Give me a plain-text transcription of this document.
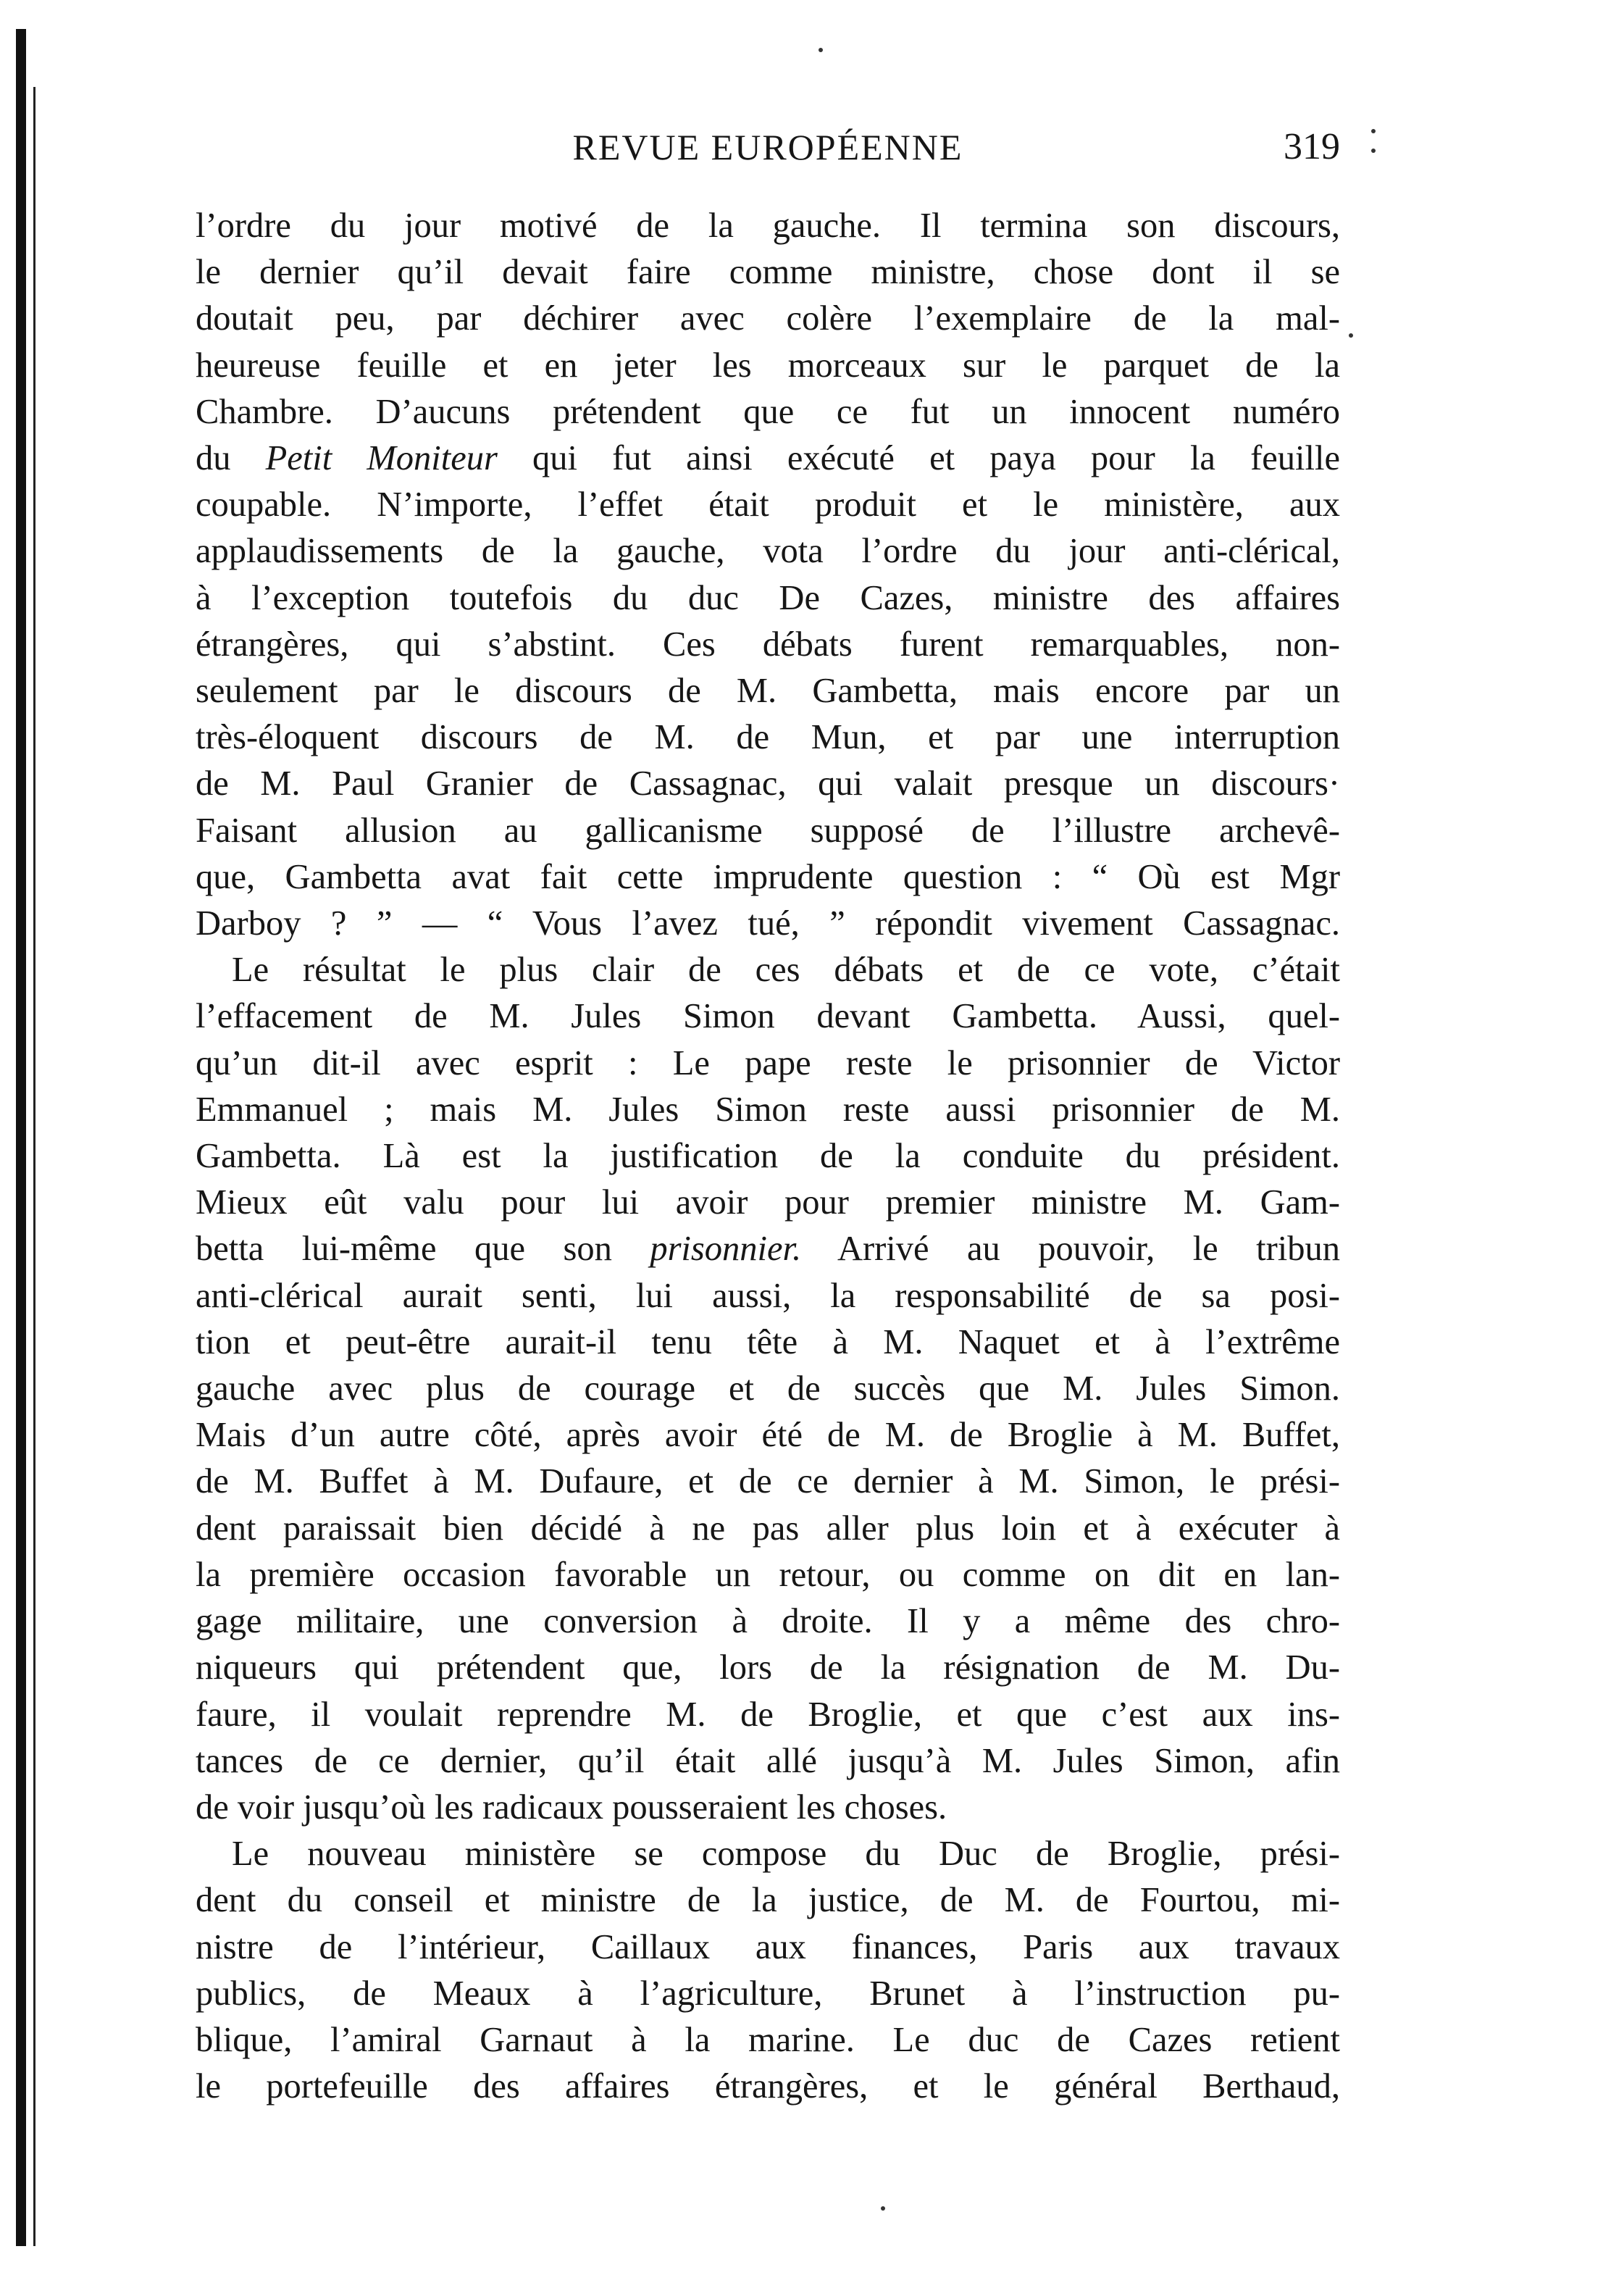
REVUE EUROPÉENNE	319
l’ordre du jour motivé de la gauche. Il termina son discours,
le dernier qu’il devait faire comme ministre, chose dont il se
doutait peu, par déchirer avec colère l’exemplaire de la mal-
heureuse feuille et en jeter les morceaux sur le parquet de la
Chambre. D’aucuns prétendent que ce fut un innocent numéro
du Petit Moniteur qui fut ainsi exécuté et paya pour la feuille
coupable. N’importe, l’effet était produit et le ministère, aux
applaudissements de la gauche, vota l’ordre du jour anti-clérical,
à l’exception toutefois du duc De Cazes, ministre des affaires
étrangères, qui s’abstint. Ces débats furent remarquables, non-
seulement par le discours de M. Gambetta, mais encore par un
très-éloquent discours de M. de Mun, et par une interruption
de M. Paul Granier de Cassagnac, qui valait presque un discours·
Faisant allusion au gallicanisme supposé de l’illustre archevê-
que, Gambetta avat fait cette imprudente question : “ Où est Mgr
Darboy ? ” — “ Vous l’avez tué, ” répondit vivement Cassagnac.
Le résultat le plus clair de ces débats et de ce vote, c’était
l’effacement de M. Jules Simon devant Gambetta. Aussi, quel-
qu’un dit-il avec esprit : Le pape reste le prisonnier de Victor
Emmanuel ; mais M. Jules Simon reste aussi prisonnier de M.
Gambetta. Là est la justification de la conduite du président.
Mieux eût valu pour lui avoir pour premier ministre M. Gam-
betta lui-même que son prisonnier. Arrivé au pouvoir, le tribun
anti-clérical aurait senti, lui aussi, la responsabilité de sa posi-
tion et peut-être aurait-il tenu tête à M. Naquet et à l’extrême
gauche avec plus de courage et de succès que M. Jules Simon.
Mais d’un autre côté, après avoir été de M. de Broglie à M. Buffet,
de M. Buffet à M. Dufaure, et de ce dernier à M. Simon, le prési-
dent paraissait bien décidé à ne pas aller plus loin et à exécuter à
la première occasion favorable un retour, ou comme on dit en lan-
gage militaire, une conversion à droite. Il y a même des chro-
niqueurs qui prétendent que, lors de la résignation de M. Du-
faure, il voulait reprendre M. de Broglie, et que c’est aux ins-
tances de ce dernier, qu’il était allé jusqu’à M. Jules Simon, afin
de voir jusqu’où les radicaux pousseraient les choses.
Le nouveau ministère se compose du Duc de Broglie, prési-
dent du conseil et ministre de la justice, de M. de Fourtou, mi-
nistre de l’intérieur, Caillaux aux finances, Paris aux travaux
publics, de Meaux à l’agriculture, Brunet à l’instruction pu-
blique, l’amiral Garnaut à la marine. Le duc de Cazes retient
le portefeuille des affaires étrangères, et le général Berthaud,
